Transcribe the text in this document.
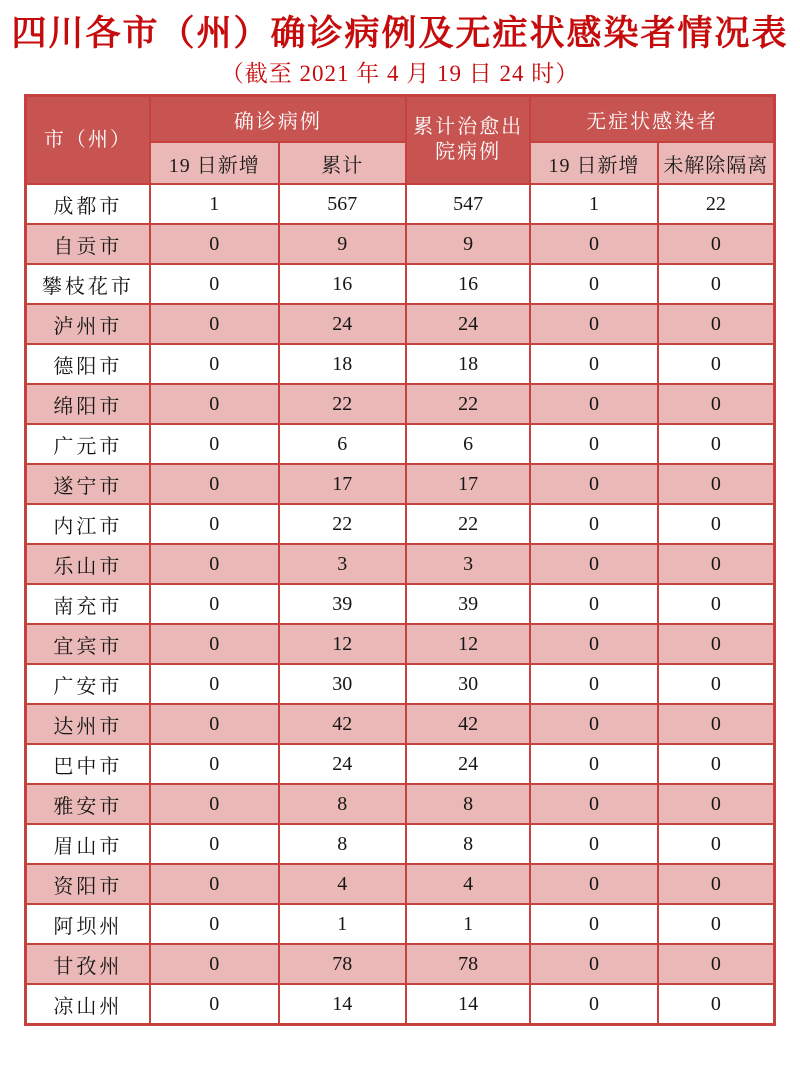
四川各市（州）确诊病例及无症状感染者情况表
（截至 2021 年 4 月 19 日 24 时）
市（州）	确诊病例		累计治愈出院病例	无症状感染者	
	19 日新增	累计		19 日新增	未解除隔离
成都市	1	567	547	1	22
自贡市	0	9	9	0	0
攀枝花市	0	16	16	0	0
泸州市	0	24	24	0	0
德阳市	0	18	18	0	0
绵阳市	0	22	22	0	0
广元市	0	6	6	0	0
遂宁市	0	17	17	0	0
内江市	0	22	22	0	0
乐山市	0	3	3	0	0
南充市	0	39	39	0	0
宜宾市	0	12	12	0	0
广安市	0	30	30	0	0
达州市	0	42	42	0	0
巴中市	0	24	24	0	0
雅安市	0	8	8	0	0
眉山市	0	8	8	0	0
资阳市	0	4	4	0	0
阿坝州	0	1	1	0	0
甘孜州	0	78	78	0	0
凉山州	0	14	14	0	0
